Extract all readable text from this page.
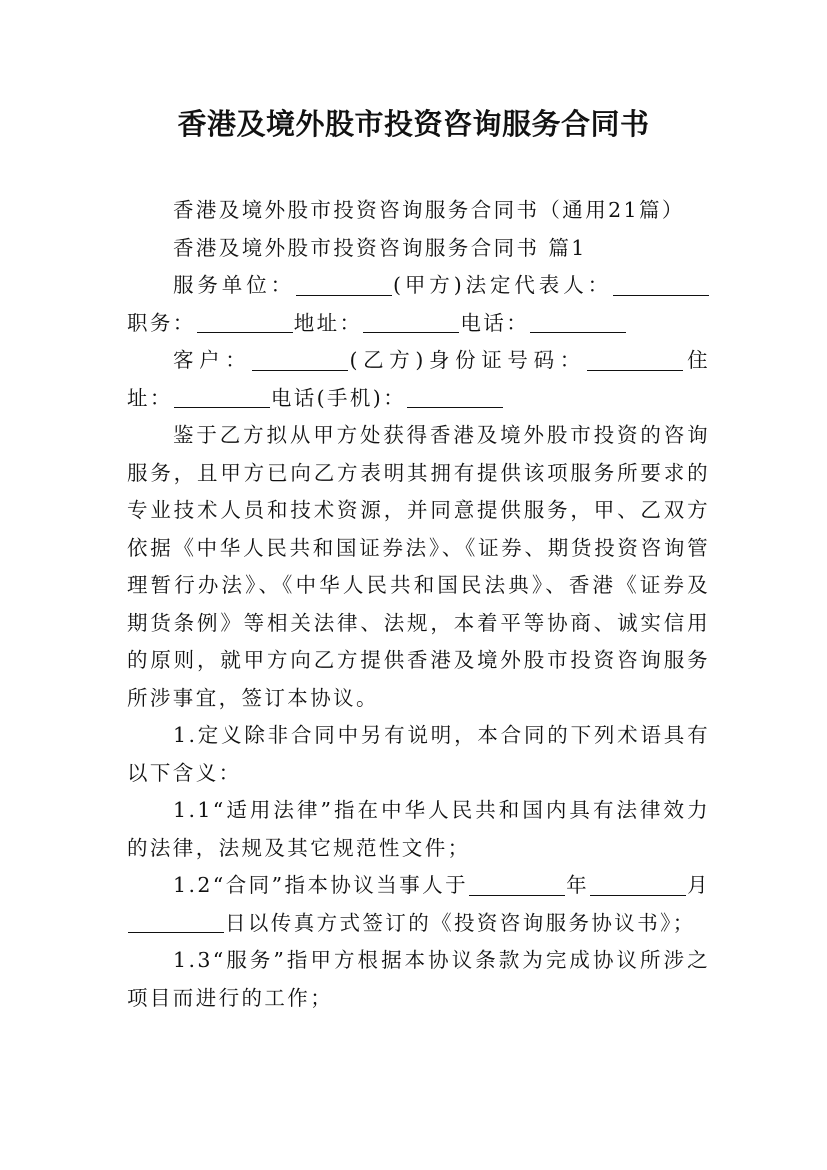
香港及境外股市投资咨询服务合同书

香港及境外股市投资咨询服务合同书（通用21篇）

香港及境外股市投资咨询服务合同书 篇1

服务单位：	(甲方)法定代表人：职务：	地址：	电话：

客户：	(乙方)身份证号码：	住址：	电话(手机)：

鉴于乙方拟从甲方处获得香港及境外股市投资的咨询服务，且甲方已向乙方表明其拥有提供该项服务所要求的专业技术人员和技术资源，并同意提供服务，甲、乙双方依据《中华人民共和国证券法》、《证券、期货投资咨询管理暂行办法》、《中华人民共和国民法典》、香港《证券及期货条例》等相关法律、法规，本着平等协商、诚实信用的原则，就甲方向乙方提供香港及境外股市投资咨询服务所涉事宜，签订本协议。

1.定义除非合同中另有说明，本合同的下列术语具有以下含义：

1.1“适用法律”指在中华人民共和国内具有法律效力的法律，法规及其它规范性文件；

1.2“合同”指本协议当事人于	年	月日以传真方式签订的《投资咨询服务协议书》；

1.3“服务”指甲方根据本协议条款为完成协议所涉之项目而进行的工作；
